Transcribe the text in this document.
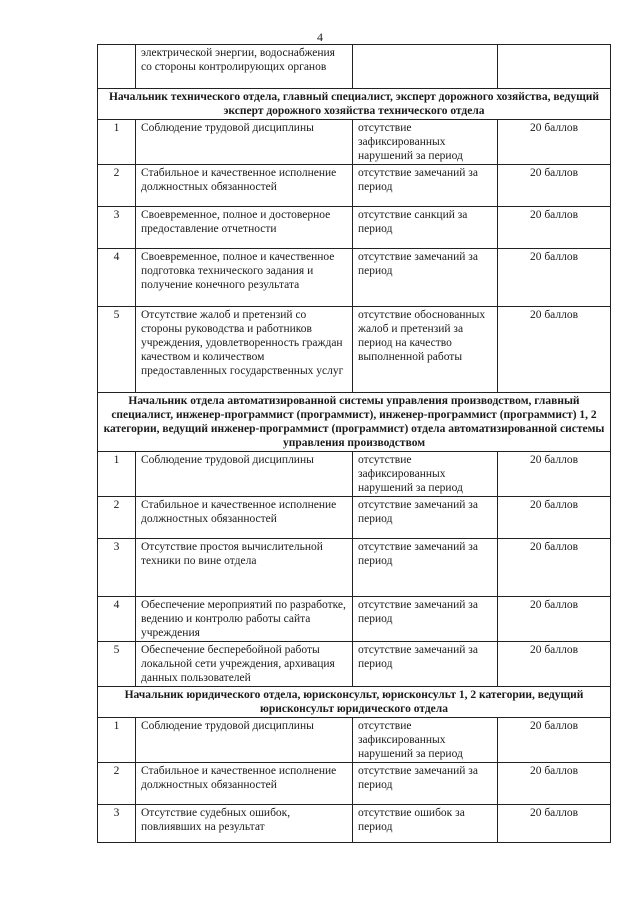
4
	электрической энергии, водоснабжения со стороны контролирующих органов		
Начальник технического отдела, главный специалист, эксперт дорожного хозяйства, ведущий эксперт дорожного хозяйства технического отдела			
1	Соблюдение трудовой дисциплины	отсутствие зафиксированных нарушений за период	20 баллов
2	Стабильное и качественное исполнение должностных обязанностей	отсутствие замечаний за период	20 баллов
3	Своевременное, полное и достоверное предоставление отчетности	отсутствие санкций за период	20 баллов
4	Своевременное, полное и качественное подготовка технического задания и получение конечного результата	отсутствие замечаний за период	20 баллов
5	Отсутствие жалоб и претензий со стороны руководства и работников учреждения, удовлетворенность граждан качеством и количеством предоставленных государственных услуг	отсутствие обоснованных жалоб и претензий за период на качество выполненной работы	20 баллов
Начальник отдела автоматизированной системы управления производством, главный специалист, инженер-программист (программист), инженер-программист (программист) 1, 2 категории, ведущий инженер-программист (программист) отдела автоматизированной системы управления производством			
1	Соблюдение трудовой дисциплины	отсутствие зафиксированных нарушений за период	20 баллов
2	Стабильное и качественное исполнение должностных обязанностей	отсутствие замечаний за период	20 баллов
3	Отсутствие простоя вычислительной техники по вине отдела	отсутствие замечаний за период	20 баллов
4	Обеспечение мероприятий по разработке, ведению и контролю работы сайта учреждения	отсутствие замечаний за период	20 баллов
5	Обеспечение бесперебойной работы локальной сети учреждения, архивация данных пользователей	отсутствие замечаний за период	20 баллов
Начальник юридического отдела, юрисконсульт, юрисконсульт 1, 2 категории, ведущий юрисконсульт юридического отдела			
1	Соблюдение трудовой дисциплины	отсутствие зафиксированных нарушений за период	20 баллов
2	Стабильное и качественное исполнение должностных обязанностей	отсутствие замечаний за период	20 баллов
3	Отсутствие судебных ошибок, повлиявших на результат	отсутствие ошибок за период	20 баллов
